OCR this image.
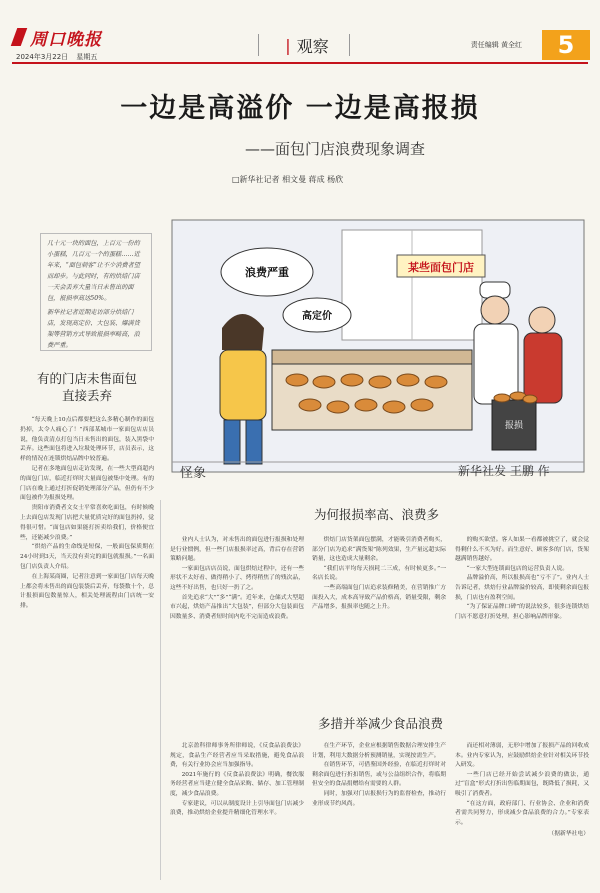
周口晚报
2024年3月22日 星期五
| 观察	责任编辑 黄全红	5
一边是高溢价 一边是高报损
——面包门店浪费现象调查
□新华社记者 相文曼 蒋成 杨欣

几十元一块的面包，上百元一份的小蛋糕，几百元一个的蛋糕……近年来，“面包刺客”让不少消费者望而却步。与此同时，有的烘焙门店一天会丢弃大量当日未售出的面包，报损率高达50%。

新华社记者近期走访部分烘焙门店，发现高定价、大包装、爆满货架等营销方式导致报损率畸高，浪费严重。

某些面包门店
浪费严重
高定价
报损
怪象	新华社发 王鹏 作
有的门店未售面包
直接丢弃

“每天晚上10点后都要把这么多精心制作的面包扔掉，太令人痛心了！”西部某城市一家面包店店员说，他负责清点打包当日未售出的面包，装入黑袋中丢弃。这些面包将进入垃圾处理环节，店员表示，这样的情况在连锁烘焙品牌中较普遍。

记者在多地面包店走访发现，在一些大型商超内的面包门店，临近打烊时大量面包被集中处理。有的门店在晚上通过打折促销处理部分产品，但仍有不少面包被作为报损处理。

贵阳市消费者文女士平常喜欢吃面包，有时候晚上去面包店发现门店把大量优质完好的面包扔掉，觉得很可惜。“面包店如果能打折卖给我们，价格便宜些，还能减少浪费。”

“烘焙产品的生命线是短保，一般面包保质期在24小时到3天，当天没有卖完的面包就报损。”一名面包门店负责人介绍。

在上海某商圈，记者注意到一家面包门店每天晚上都会将未售出的面包装袋后丢弃，每袋数十个，总计报损面包数量惊人，相关处理流程由门店统一安排。

为何报损率高、浪费多

业内人士认为，对未售出的面包进行报损和处理是行业惯例，但一些门店报损率过高，背后存在营销策略问题。

一家面包店店员说，面包烘焙过程中，还有一些形状不太好看、做得稍小了、烤得稍焦了的残次品，这些不好出售，也只好一扔了之。

首先追求“大”“多”“满”。近年来，仓储式大型超市兴起，烘焙产品推出“大包装”，但部分大包装面包因数量多、消费者短时间内吃不完而造成浪费。

烘焙门店货架面包摆满，才能吸引消费者购买，部分门店为追求“满货架”陈列效果，生产量远超实际销量，这也造成大量剩余。

“我们店平均每天损耗二三成，有时候更多。”一名店长说。

一些高端面包门店追求装修精美，在营销推广方面投入大，成本高导致产品价格高，销量受限，剩余产品增多，报损率也随之上升。

的购买欲望。客人如果一看都被挑空了，就会觉得剩什么不买为好。而生意好、顾客多的门店，货架越满销售越好。

“一家大型连锁面包店的运营负责人说。

品牌溢价高，所以报损高也“亏不了”。业内人士告诉记者，烘焙行业品牌溢价较高，即使剩余面包报损，门店也有盈利空间。

“为了保证品牌口碑”的说法较多，很多连锁烘焙门店不愿意打折处理，担心影响品牌形象。

多措并举减少食品浪费

北京盈科律师事务所律师说，《反食品浪费法》规定，食品生产经营者应当采取措施，避免食品浪费，有关行业协会应当加强指导。

2021年施行的《反食品浪费法》明确，餐饮服务经营者应当建立健全食品采购、储存、加工管理制度，减少食品浪费。

专家建议，可以从制度设计上引导面包门店减少浪费，推动烘焙企业提升精细化管理水平。

在生产环节，企业应根据销售数据合理安排生产计划，利用大数据分析预测销量，实现按需生产。

在销售环节，可借鉴国外经验，在临近打烊时对剩余面包进行折扣销售，或与公益组织合作，将临期但安全的食品捐赠给有需要的人群。

同时，加强对门店报损行为的监督检查，推动行业形成节约风尚。

而还相对薄弱，无形中增加了报损产品的回收成本。业内专家认为，应鼓励烘焙企业针对相关环节投入研发。

一些门店已经开始尝试减少浪费的做法，通过“盲盒”形式打折出售临期面包，既降低了损耗，又吸引了消费者。

“在这方面，政府部门、行业协会、企业和消费者需共同努力，形成减少食品浪费的合力。”专家表示。

（据新华社电）
